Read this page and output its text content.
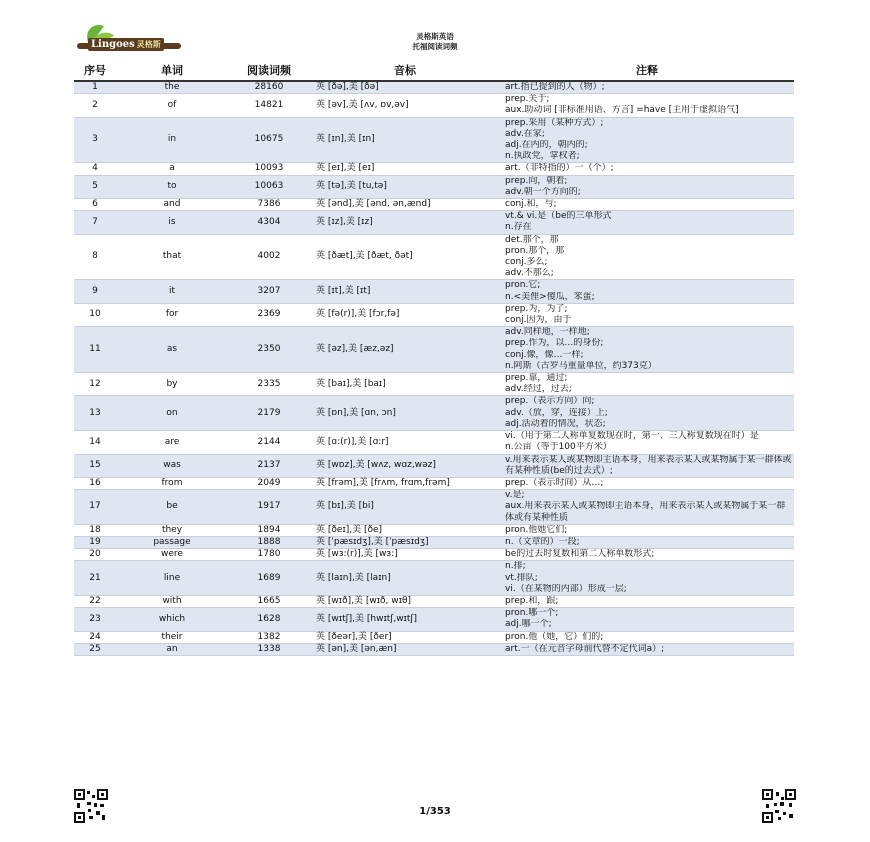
Lingoes 灵格斯
灵格斯英语
托福阅读词频
序号	单词	阅读词频	音标	注释
1	the	28160	英 [ðə],美 [ðə]	art.指已提到的人（物）;
2	of	14821	英 [əv],美 [ʌv, ɒv,əv]
prep.关于;
aux.助动词 [非标准用语、方言] =have [主用于虚拟语气]
3	in	10675	英 [ɪn],美 [ɪn]
prep.采用（某种方式）;
adv.在家;
adj.在内的，朝内的;
n.执政党，掌权者;
4	a	10093	英 [eɪ],美 [eɪ]	art.（非特指的）一（个）;
5	to	10063	英 [tə],美 [tu,tə]
prep.向，朝着;
adv.朝一个方向的;
6	and	7386	英 [ənd],美 [ənd, ən,ænd]	conj.和，与;
7	is	4304	英 [ɪz],美 [ɪz]
vt.& vi.是（be的三单形式
n.存在
8	that	4002	英 [ðæt],美 [ðæt, ðət]
det.那个，那
pron.那个，那
conj.多么;
adv.不那么;
9	it	3207	英 [ɪt],美 [ɪt]
pron.它;
n.<美俚>傻瓜，笨蛋;
10	for	2369	英 [fə(r)],美 [fɔr,fə]
prep.为，为了;
conj.因为，由于
11	as	2350	英 [əz],美 [æz,əz]
adv.同样地，一样地;
prep.作为，以…的身份;
conj.像，像…一样;
n.阿斯（古罗马重量单位，约373克）
12	by	2335	英 [baɪ],美 [baɪ]
prep.靠，通过;
adv.经过，过去;
13	on	2179	英 [ɒn],美 [ɑn, ɔn]
prep.（表示方向）向;
adv.（放，穿，连接）上;
adj.活动着的情况，状态;
14	are	2144	英 [ɑ:(r)],美 [ɑ:r]
vi.（用于第二人称单复数现在时，第一、三人称复数现在时）是
n.公亩（等于100平方米）
15	was	2137	英 [wɒz],美 [wʌz, wɑz,wəz]
v.用来表示某人或某物即主语本身，用来表示某人或某物属于某一群体或有某种性质(be的过去式）;
16	from	2049	英 [frəm],美 [frʌm, frɑm,frəm]	prep.（表示时间）从…;
17	be	1917	英 [bɪ],美 [bi]
v.是;
aux.用来表示某人或某物即主语本身，用来表示某人或某物属于某一群体或有某种性质
18	they	1894	英 [ðeɪ],美 [ðe]	pron.他她它们;
19	passage	1888	英 [ˈpæsɪdʒ],美 [ˈpæsɪdʒ]	n.（文章的）一段;
20	were	1780	英 [wɜ:(r)],美 [wɜ:]	be的过去时复数和第二人称单数形式;
21	line	1689	英 [laɪn],美 [laɪn]
n.排;
vt.排队;
vi.（在某物的内部）形成一层;
22	with	1665	英 [wɪð],美 [wɪð, wɪθ]	prep.和，跟;
23	which	1628	英 [wɪtʃ],美 [hwɪtʃ,wɪtʃ]
pron.哪一个;
adj.哪一个;
24	their	1382	英 [ðeər],美 [ðer]	pron.他（她，它）们的;
25	an	1338	英 [ən],美 [ən,æn]	art.一（在元音字母前代替不定代词a）;
1/353
